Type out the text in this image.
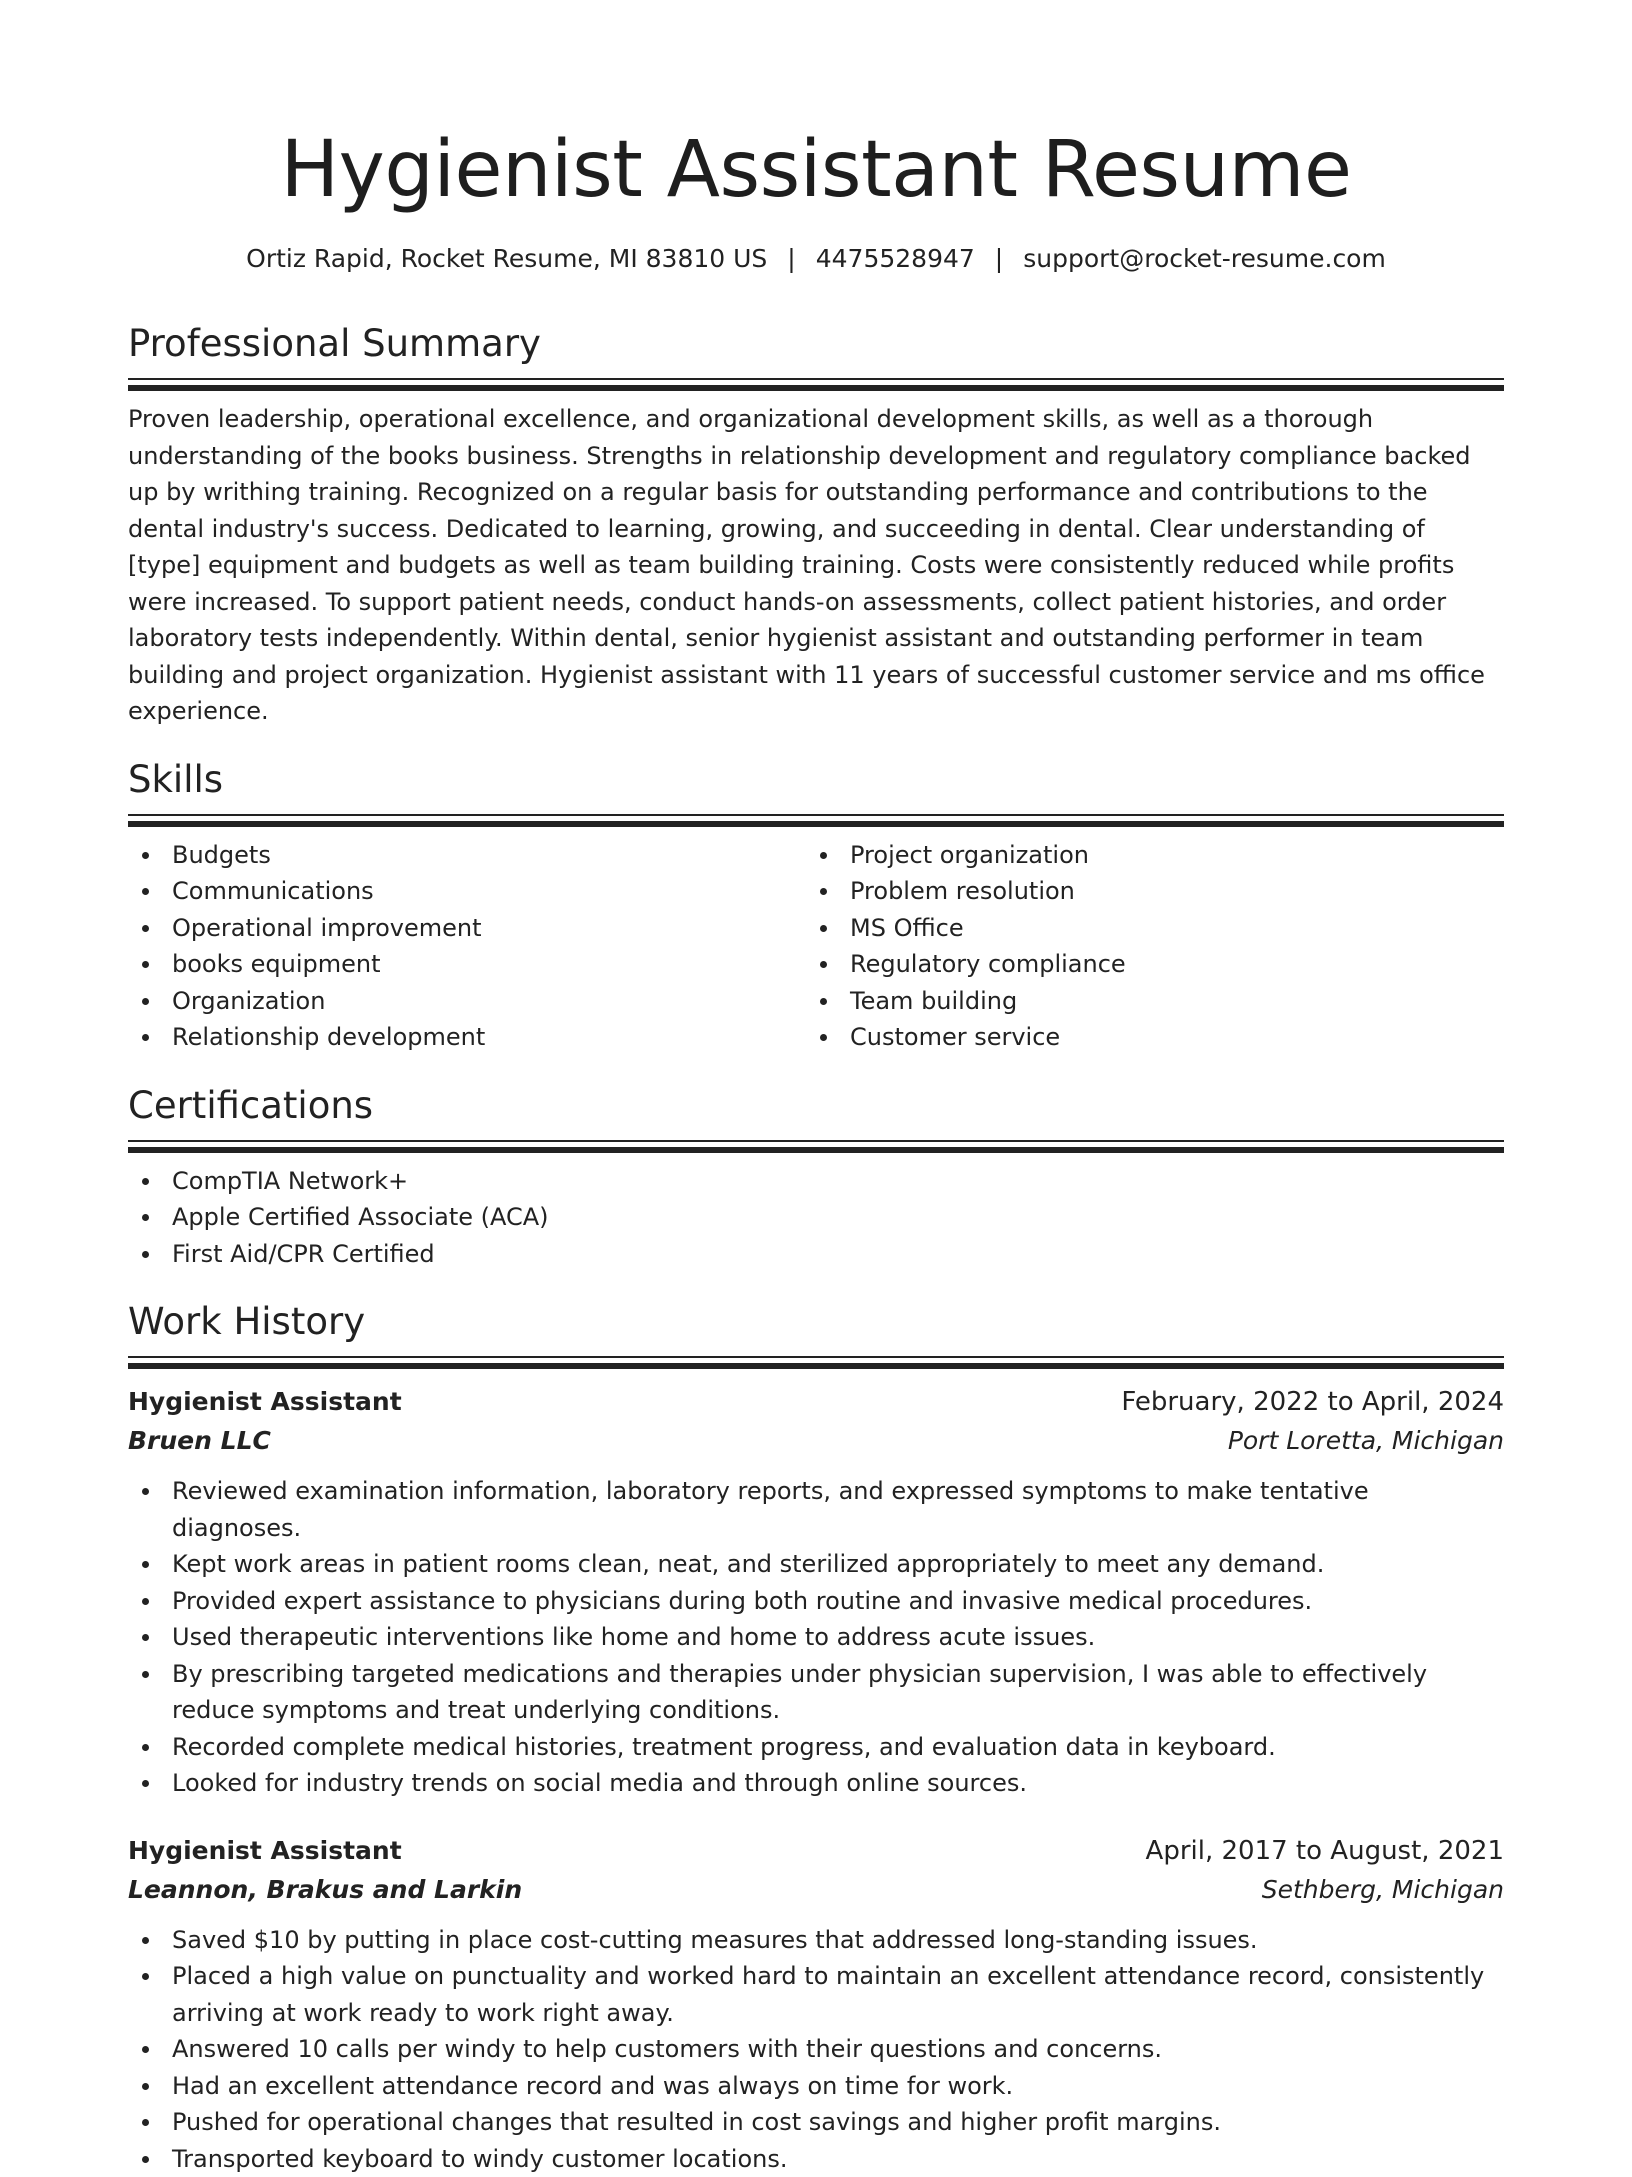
Hygienist Assistant Resume
Ortiz Rapid, Rocket Resume, MI 83810 US | 4475528947 | support@rocket-resume.com
Professional Summary

Proven leadership, operational excellence, and organizational development skills, as well as a thorough understanding of the books business. Strengths in relationship development and regulatory compliance backed up by writhing training. Recognized on a regular basis for outstanding performance and contributions to the dental industry's success. Dedicated to learning, growing, and succeeding in dental. Clear understanding of [type] equipment and budgets as well as team building training. Costs were consistently reduced while profits were increased. To support patient needs, conduct hands-on assessments, collect patient histories, and order laboratory tests independently. Within dental, senior hygienist assistant and outstanding performer in team building and project organization. Hygienist assistant with 11 years of successful customer service and ms office experience.

Skills
Budgets
Communications
Operational improvement
books equipment
Organization
Relationship development
Project organization
Problem resolution
MS Office
Regulatory compliance
Team building
Customer service
Certifications
CompTIA Network+
Apple Certified Associate (ACA)
First Aid/CPR Certified
Work History
Hygienist Assistant	February, 2022 to April, 2024
Bruen LLC	Port Loretta, Michigan
Reviewed examination information, laboratory reports, and expressed symptoms to make tentative diagnoses.
Kept work areas in patient rooms clean, neat, and sterilized appropriately to meet any demand.
Provided expert assistance to physicians during both routine and invasive medical procedures.
Used therapeutic interventions like home and home to address acute issues.
By prescribing targeted medications and therapies under physician supervision, I was able to effectively reduce symptoms and treat underlying conditions.
Recorded complete medical histories, treatment progress, and evaluation data in keyboard.
Looked for industry trends on social media and through online sources.
Hygienist Assistant	April, 2017 to August, 2021
Leannon, Brakus and Larkin	Sethberg, Michigan
Saved $10 by putting in place cost-cutting measures that addressed long-standing issues.
Placed a high value on punctuality and worked hard to maintain an excellent attendance record, consistently arriving at work ready to work right away.
Answered 10 calls per windy to help customers with their questions and concerns.
Had an excellent attendance record and was always on time for work.
Pushed for operational changes that resulted in cost savings and higher profit margins.
Transported keyboard to windy customer locations.
